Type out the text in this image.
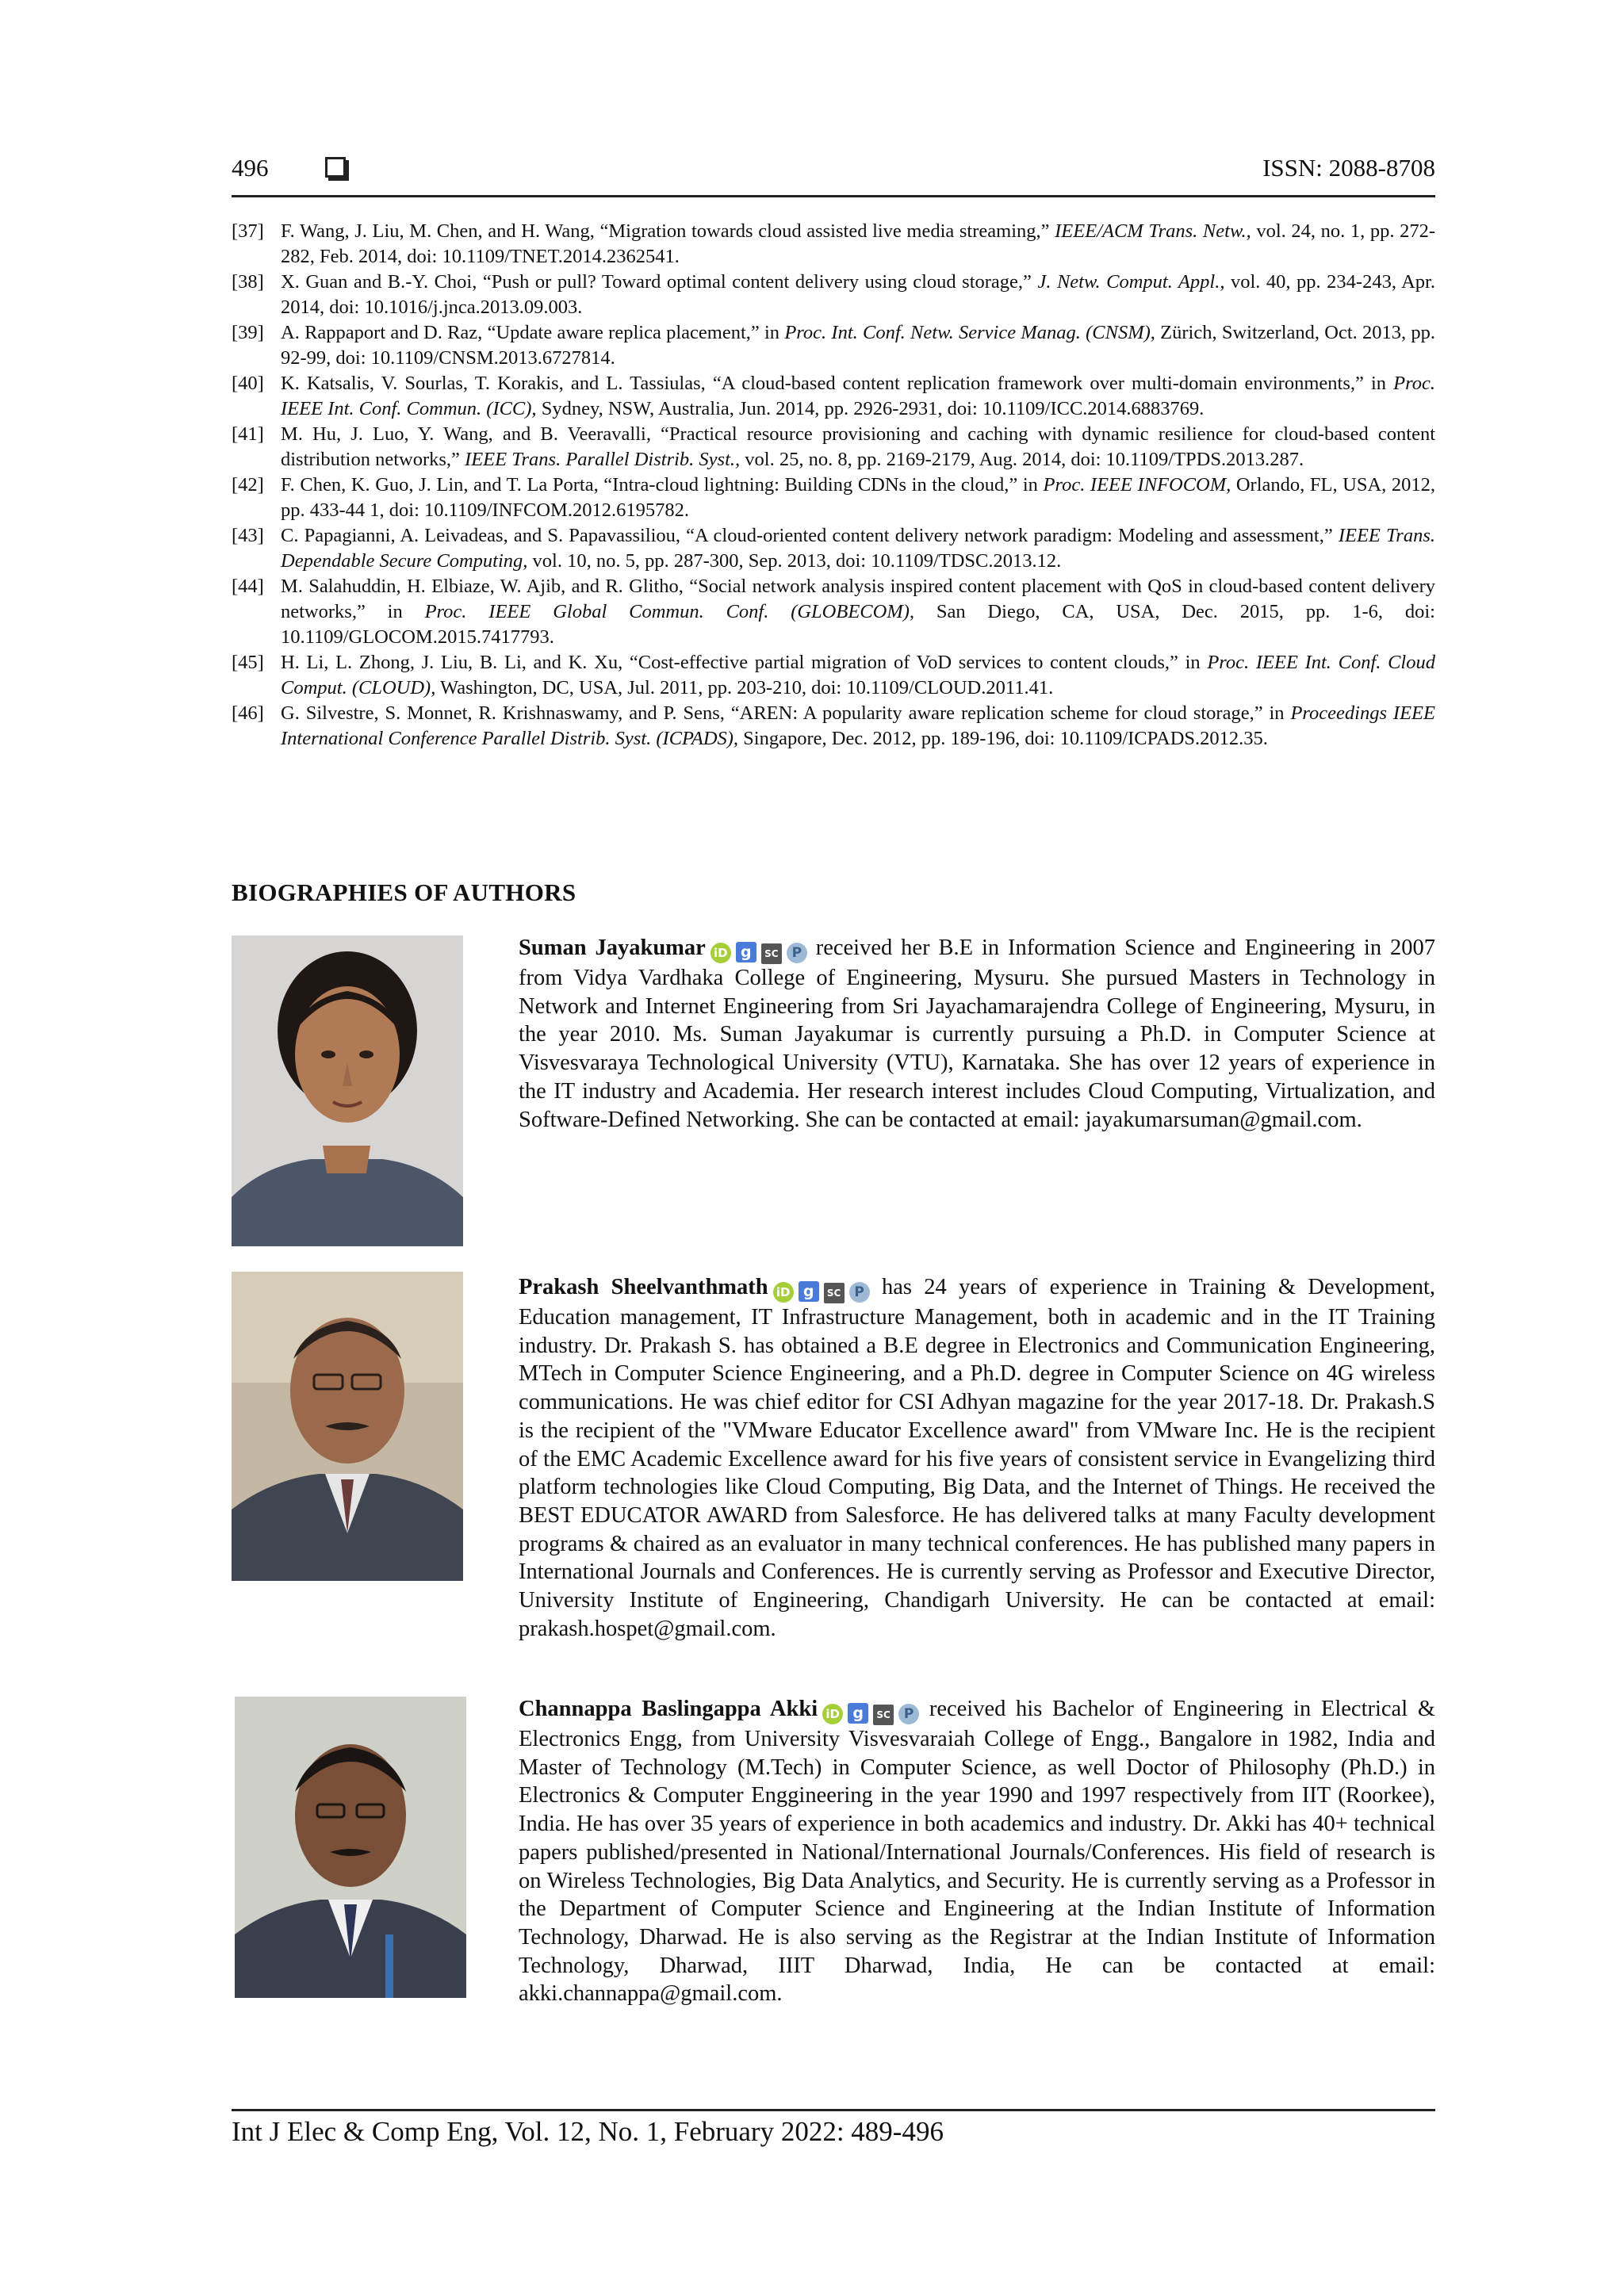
496	ISSN: 2088-8708
[37] F. Wang, J. Liu, M. Chen, and H. Wang, “Migration towards cloud assisted live media streaming,” IEEE/ACM Trans. Netw., vol. 24, no. 1, pp. 272-282, Feb. 2014, doi: 10.1109/TNET.2014.2362541.
[38] X. Guan and B.-Y. Choi, “Push or pull? Toward optimal content delivery using cloud storage,” J. Netw. Comput. Appl., vol. 40, pp. 234-243, Apr. 2014, doi: 10.1016/j.jnca.2013.09.003.
[39] A. Rappaport and D. Raz, “Update aware replica placement,” in Proc. Int. Conf. Netw. Service Manag. (CNSM), Zürich, Switzerland, Oct. 2013, pp. 92-99, doi: 10.1109/CNSM.2013.6727814.
[40] K. Katsalis, V. Sourlas, T. Korakis, and L. Tassiulas, “A cloud-based content replication framework over multi-domain environments,” in Proc. IEEE Int. Conf. Commun. (ICC), Sydney, NSW, Australia, Jun. 2014, pp. 2926-2931, doi: 10.1109/ICC.2014.6883769.
[41] M. Hu, J. Luo, Y. Wang, and B. Veeravalli, “Practical resource provisioning and caching with dynamic resilience for cloud-based content distribution networks,” IEEE Trans. Parallel Distrib. Syst., vol. 25, no. 8, pp. 2169-2179, Aug. 2014, doi: 10.1109/TPDS.2013.287.
[42] F. Chen, K. Guo, J. Lin, and T. La Porta, “Intra-cloud lightning: Building CDNs in the cloud,” in Proc. IEEE INFOCOM, Orlando, FL, USA, 2012, pp. 433-44 1, doi: 10.1109/INFCOM.2012.6195782.
[43] C. Papagianni, A. Leivadeas, and S. Papavassiliou, “A cloud-oriented content delivery network paradigm: Modeling and assessment,” IEEE Trans. Dependable Secure Computing, vol. 10, no. 5, pp. 287-300, Sep. 2013, doi: 10.1109/TDSC.2013.12.
[44] M. Salahuddin, H. Elbiaze, W. Ajib, and R. Glitho, “Social network analysis inspired content placement with QoS in cloud-based content delivery networks,” in Proc. IEEE Global Commun. Conf. (GLOBECOM), San Diego, CA, USA, Dec. 2015, pp. 1-6, doi: 10.1109/GLOCOM.2015.7417793.
[45] H. Li, L. Zhong, J. Liu, B. Li, and K. Xu, “Cost-effective partial migration of VoD services to content clouds,” in Proc. IEEE Int. Conf. Cloud Comput. (CLOUD), Washington, DC, USA, Jul. 2011, pp. 203-210, doi: 10.1109/CLOUD.2011.41.
[46] G. Silvestre, S. Monnet, R. Krishnaswamy, and P. Sens, “AREN: A popularity aware replication scheme for cloud storage,” in Proceedings IEEE International Conference Parallel Distrib. Syst. (ICPADS), Singapore, Dec. 2012, pp. 189-196, doi: 10.1109/ICPADS.2012.35.
BIOGRAPHIES OF AUTHORS
Suman Jayakumar iD g SC P received her B.E in Information Science and Engineering in 2007 from Vidya Vardhaka College of Engineering, Mysuru. She pursued Masters in Technology in Network and Internet Engineering from Sri Jayachamarajendra College of Engineering, Mysuru, in the year 2010. Ms. Suman Jayakumar is currently pursuing a Ph.D. in Computer Science at Visvesvaraya Technological University (VTU), Karnataka. She has over 12 years of experience in the IT industry and Academia. Her research interest includes Cloud Computing, Virtualization, and Software-Defined Networking. She can be contacted at email: jayakumarsuman@gmail.com.
Prakash Sheelvanthmath iD g SC P has 24 years of experience in Training & Development, Education management, IT Infrastructure Management, both in academic and in the IT Training industry. Dr. Prakash S. has obtained a B.E degree in Electronics and Communication Engineering, MTech in Computer Science Engineering, and a Ph.D. degree in Computer Science on 4G wireless communications. He was chief editor for CSI Adhyan magazine for the year 2017-18. Dr. Prakash.S is the recipient of the "VMware Educator Excellence award" from VMware Inc. He is the recipient of the EMC Academic Excellence award for his five years of consistent service in Evangelizing third platform technologies like Cloud Computing, Big Data, and the Internet of Things. He received the BEST EDUCATOR AWARD from Salesforce. He has delivered talks at many Faculty development programs & chaired as an evaluator in many technical conferences. He has published many papers in International Journals and Conferences. He is currently serving as Professor and Executive Director, University Institute of Engineering, Chandigarh University. He can be contacted at email: prakash.hospet@gmail.com.
Channappa Baslingappa Akki iD g SC P received his Bachelor of Engineering in Electrical & Electronics Engg, from University Visvesvaraiah College of Engg., Bangalore in 1982, India and Master of Technology (M.Tech) in Computer Science, as well Doctor of Philosophy (Ph.D.) in Electronics & Computer Enggineering in the year 1990 and 1997 respectively from IIT (Roorkee), India. He has over 35 years of experience in both academics and industry. Dr. Akki has 40+ technical papers published/presented in National/International Journals/Conferences. His field of research is on Wireless Technologies, Big Data Analytics, and Security. He is currently serving as a Professor in the Department of Computer Science and Engineering at the Indian Institute of Information Technology, Dharwad. He is also serving as the Registrar at the Indian Institute of Information Technology, Dharwad, IIIT Dharwad, India, He can be contacted at email: akki.channappa@gmail.com.
Int J Elec & Comp Eng, Vol. 12, No. 1, February 2022: 489-496
